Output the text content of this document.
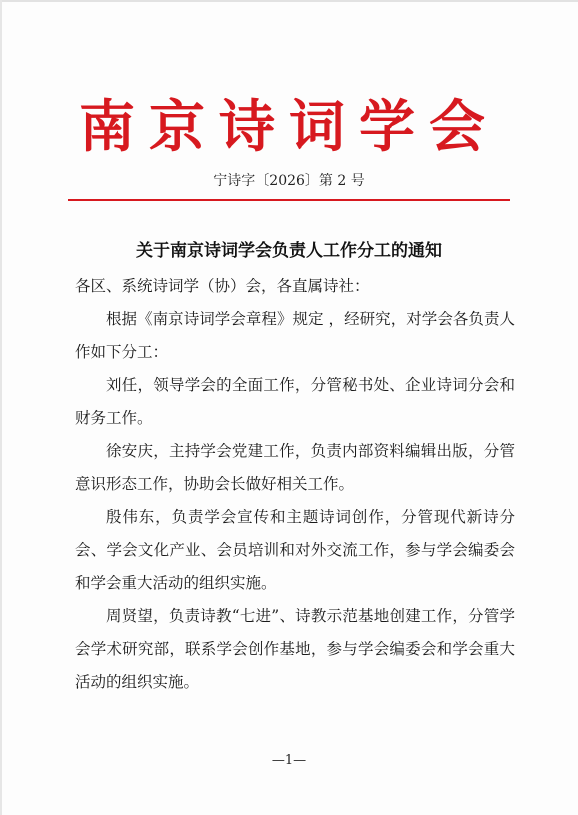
南京诗词学会
宁诗字〔2026〕第 2 号
关于南京诗词学会负责人工作分工的通知

各区、系统诗词学（协）会，各直属诗社：

根据《南京诗词学会章程》规定 ，经研究，对学会各负责人作如下分工：

刘任，领导学会的全面工作，分管秘书处、企业诗词分会和财务工作。

徐安庆，主持学会党建工作，负责内部资料编辑出版，分管意识形态工作，协助会长做好相关工作。

殷伟东，负责学会宣传和主题诗词创作，分管现代新诗分会、学会文化产业、会员培训和对外交流工作，参与学会编委会和学会重大活动的组织实施。

周贤望，负责诗教“七进”、诗教示范基地创建工作，分管学会学术研究部，联系学会创作基地，参与学会编委会和学会重大活动的组织实施。

—1—
